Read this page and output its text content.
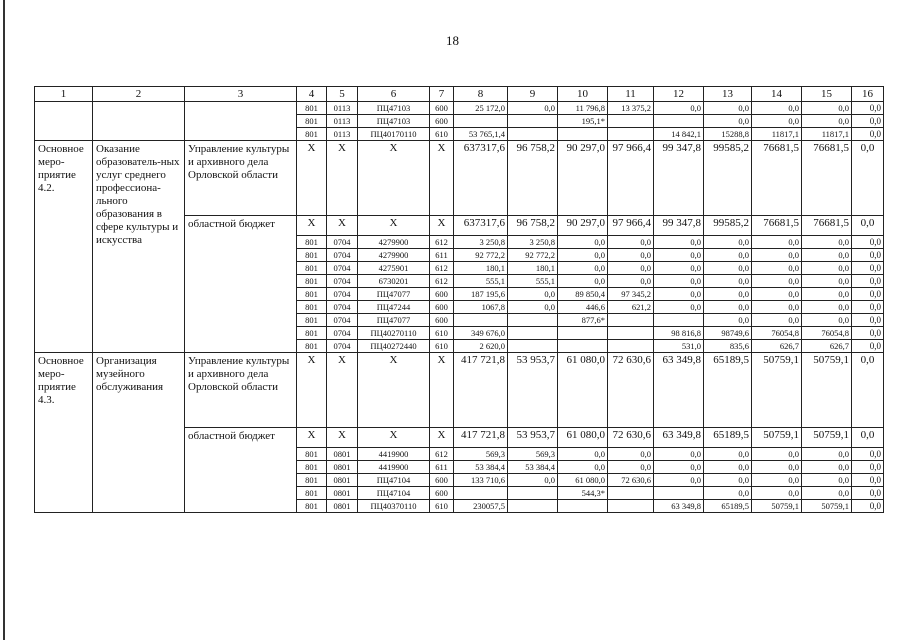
18
1	2	3	4	5	6	7	8	9	10	11	12	13	14	15	16
			801	0113	ПЦ47103	600	25 172,0	0,0	11 796,8	13 375,2	0,0	0,0	0,0	0,0	0,0
			801	0113	ПЦ47103	600			195,1*			0,0	0,0	0,0	0,0
			801	0113	ПЦ40170110	610	53 765,1,4				14 842,1	15288,8	11817,1	11817,1	0,0
Основное меро-приятие 4.2.	Оказание образователь-ных услуг среднего профессиона-льного образования в сфере культуры и искусства	Управление культуры и архивного дела Орловской области	Х	Х	Х	Х	637317,6	96 758,2	90 297,0	97 966,4	99 347,8	99585,2	76681,5	76681,5	0,0
		областной бюджет	Х	Х	Х	Х	637317,6	96 758,2	90 297,0	97 966,4	99 347,8	99585,2	76681,5	76681,5	0,0
			801	0704	4279900	612	3 250,8	3 250,8	0,0	0,0	0,0	0,0	0,0	0,0	0,0
			801	0704	4279900	611	92 772,2	92 772,2	0,0	0,0	0,0	0,0	0,0	0,0	0,0
			801	0704	4275901	612	180,1	180,1	0,0	0,0	0,0	0,0	0,0	0,0	0,0
			801	0704	6730201	612	555,1	555,1	0,0	0,0	0,0	0,0	0,0	0,0	0,0
			801	0704	ПЦ47077	600	187 195,6	0,0	89 850,4	97 345,2	0,0	0,0	0,0	0,0	0,0
			801	0704	ПЦ47244	600	1067,8	0,0	446,6	621,2	0,0	0,0	0,0	0,0	0,0
			801	0704	ПЦ47077	600			877,6*			0,0	0,0	0,0	0,0
			801	0704	ПЦ40270110	610	349 676,0				98 816,8	98749,6	76054,8	76054,8	0,0
			801	0704	ПЦ40272440	610	2 620,0				531,0	835,6	626,7	626,7	0,0
Основное меро-приятие 4.3.	Организация музейного обслуживания	Управление культуры и архивного дела Орловской области	Х	Х	Х	Х	417 721,8	53 953,7	61 080,0	72 630,6	63 349,8	65189,5	50759,1	50759,1	0,0
		областной бюджет	Х	Х	Х	Х	417 721,8	53 953,7	61 080,0	72 630,6	63 349,8	65189,5	50759,1	50759,1	0,0
			801	0801	4419900	612	569,3	569,3	0,0	0,0	0,0	0,0	0,0	0,0	0,0
			801	0801	4419900	611	53 384,4	53 384,4	0,0	0,0	0,0	0,0	0,0	0,0	0,0
			801	0801	ПЦ47104	600	133 710,6	0,0	61 080,0	72 630,6	0,0	0,0	0,0	0,0	0,0
			801	0801	ПЦ47104	600			544,3*			0,0	0,0	0,0	0,0
			801	0801	ПЦ40370110	610	230057,5				63 349,8	65189,5	50759,1	50759,1	0,0
